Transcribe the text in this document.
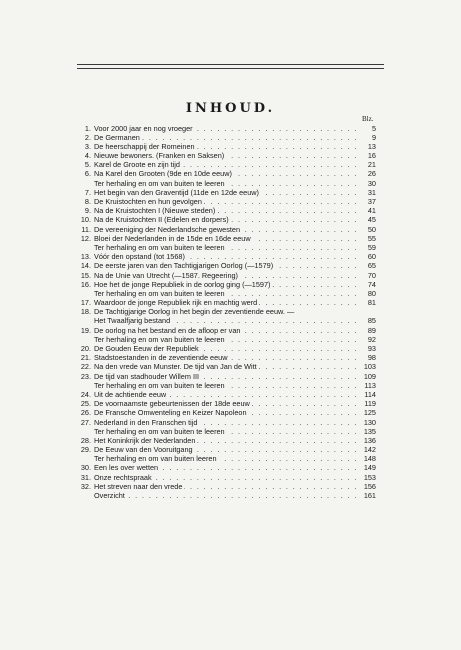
INHOUD.
Blz.
1. Voor 2000 jaar en nog vroeger . . .	5
2. De Germanen . . .	9
3. De heerschappij der Romeinen . . .	13
4. Nieuwe bewoners. (Franken en Saksen) . . .	16
5. Karel de Groote en zijn tijd . . .	21
6. Na Karel den Grooten (9de en 10de eeuw) . . .	26
Ter herhaling en om van buiten te leeren . . .	30
7. Het begin van den Graventijd (11de en 12de eeuw) . . .	31
8. De Kruistochten en hun gevolgen . . .	37
9. Na de Kruistochten I (Nieuwe steden) . . .	41
10. Na de Kruistochten II (Edelen en dorpers) . . .	45
11. De vereeniging der Nederlandsche gewesten . . .	50
12. Bloei der Nederlanden in de 15de en 16de eeuw . . .	55
Ter herhaling en om van buiten te leeren . . .	59
13. Vóór den opstand (tot 1568) . . .	60
14. De eerste jaren van den Tachtigjarigen Oorlog (—1579) . . .	65
15. Na de Unie van Utrecht (—1587. Regeering) . . .	70
16. Hoe het de jonge Republiek in de oorlog ging (—1597) . . .	74
Ter herhaling en om van buiten te leeren . . .	80
17. Waardoor de jonge Republiek rijk en machtig werd . . .	81
18. De Tachtigjarige Oorlog in het begin der zeventiende eeuw. —
Het Twaalfjarig bestand . . .	85
19. De oorlog na het bestand en de afloop er van . . .	89
Ter herhaling en om van buiten te leeren . . .	92
20. De Gouden Eeuw der Republiek . . .	93
21. Stadstoestanden in de zeventiende eeuw . . .	98
22. Na den vrede van Munster. De tijd van Jan de Witt . . .	103
23. De tijd van stadhouder Willem III . . .	109
Ter herhaling en om van buiten te leeren . . .	113
24. Uit de achtiende eeuw . . .	114
25. De voornaamste gebeurtenissen der 18de eeuw . . .	119
26. De Fransche Omwenteling en Keizer Napoleon . . .	125
27. Nederland in den Franschen tijd . . .	130
Ter herhaling en om van buiten te leeren . . .	135
28. Het Koninkrijk der Nederlanden . . .	136
29. De Eeuw van den Vooruitgang . . .	142
Ter herhaling en om van buiten leeren . . .	148
30. Een les over wetten . . .	149
31. Onze rechtspraak . . .	153
32. Het streven naar den vrede . . .	156
Overzicht . . .	161
